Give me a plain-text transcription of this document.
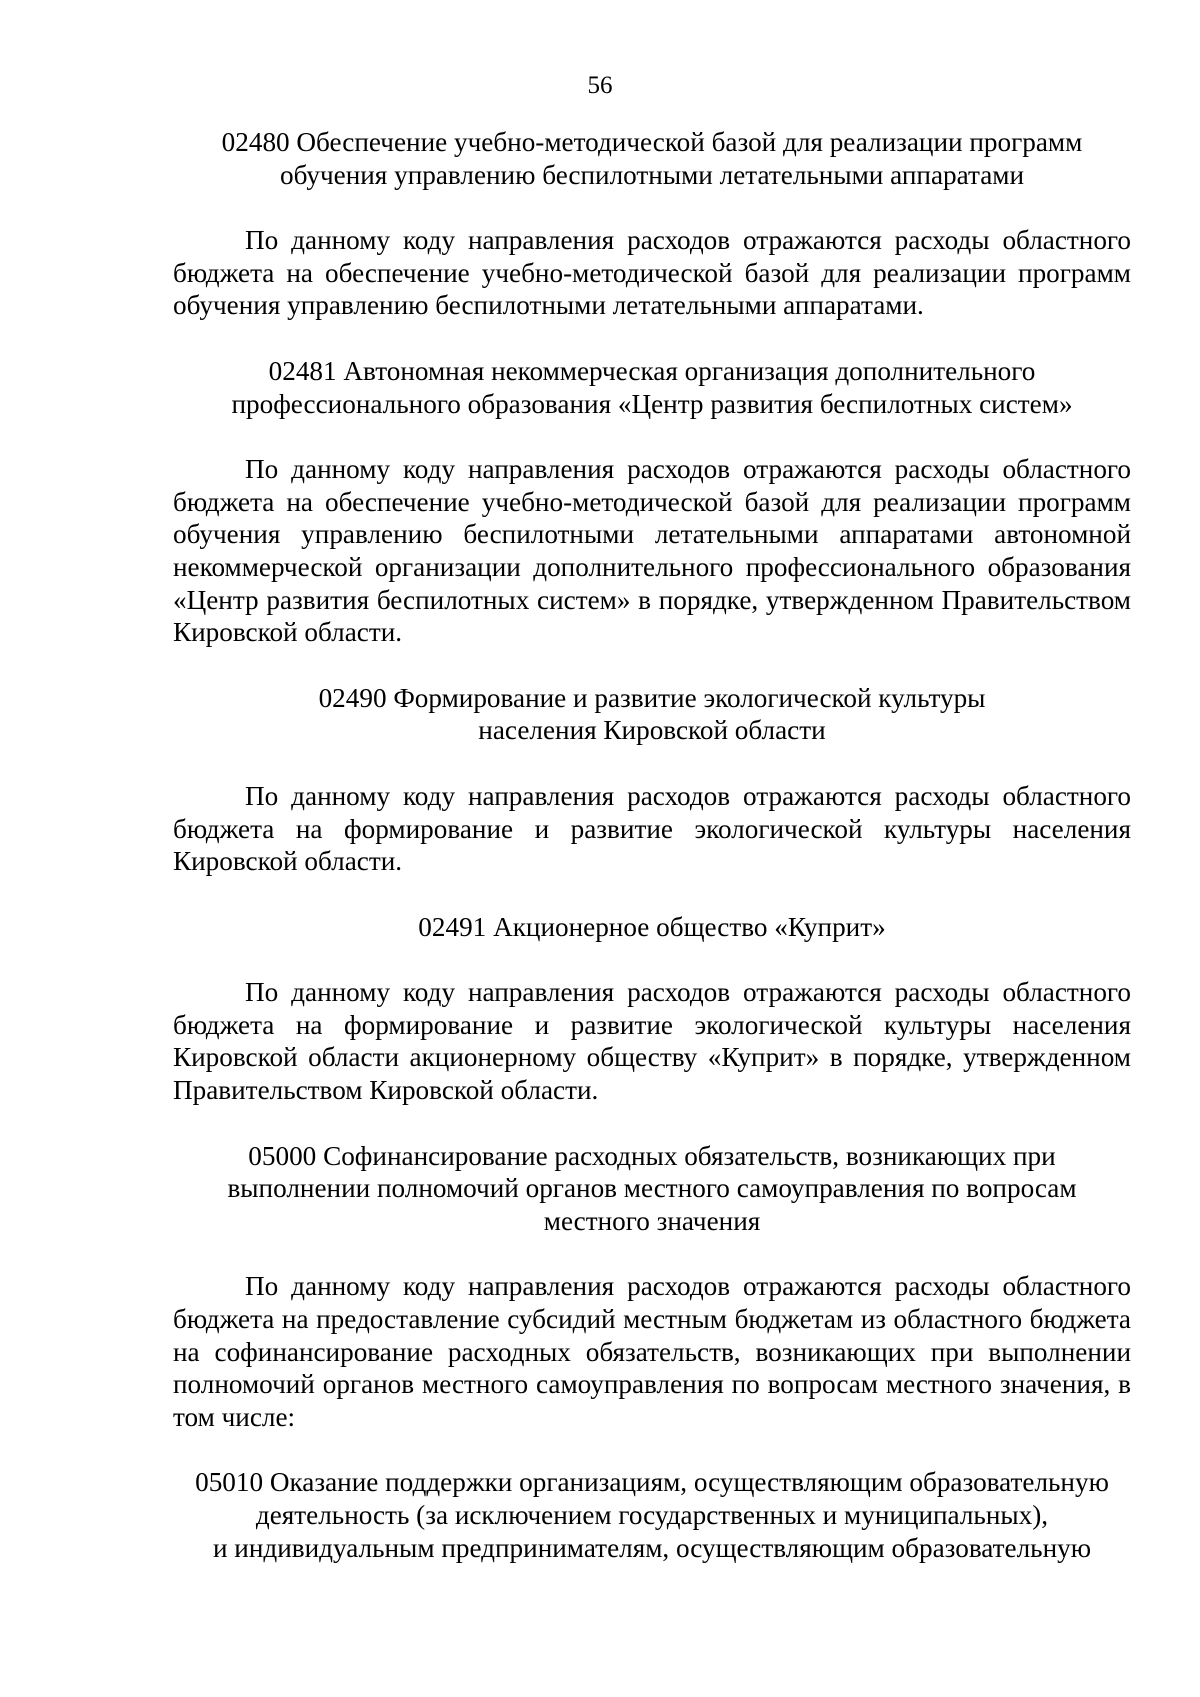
56

02480 Обеспечение учебно-методической базой для реализации программ
обучения управлению беспилотными летательными аппаратами

По данному коду направления расходов отражаются расходы областного бюджета на обеспечение учебно-методической базой для реализации программ обучения управлению беспилотными летательными аппаратами.

02481 Автономная некоммерческая организация дополнительного
профессионального образования «Центр развития беспилотных систем»

По данному коду направления расходов отражаются расходы областного бюджета на обеспечение учебно-методической базой для реализации программ обучения управлению беспилотными летательными аппаратами автономной некоммерческой организации дополнительного профессионального образования «Центр развития беспилотных систем» в порядке, утвержденном Правительством Кировской области.

02490 Формирование и развитие экологической культуры
населения Кировской области

По данному коду направления расходов отражаются расходы областного бюджета на формирование и развитие экологической культуры населения Кировской области.

02491 Акционерное общество «Куприт»

По данному коду направления расходов отражаются расходы областного бюджета на формирование и развитие экологической культуры населения Кировской области акционерному обществу «Куприт» в порядке, утвержденном Правительством Кировской области.

05000 Софинансирование расходных обязательств, возникающих при
выполнении полномочий органов местного самоуправления по вопросам
местного значения

По данному коду направления расходов отражаются расходы областного бюджета на предоставление субсидий местным бюджетам из областного бюджета на софинансирование расходных обязательств, возникающих при выполнении полномочий органов местного самоуправления по вопросам местного значения, в том числе:

05010 Оказание поддержки организациям, осуществляющим образовательную
деятельность (за исключением государственных и муниципальных),
и индивидуальным предпринимателям, осуществляющим образовательную
